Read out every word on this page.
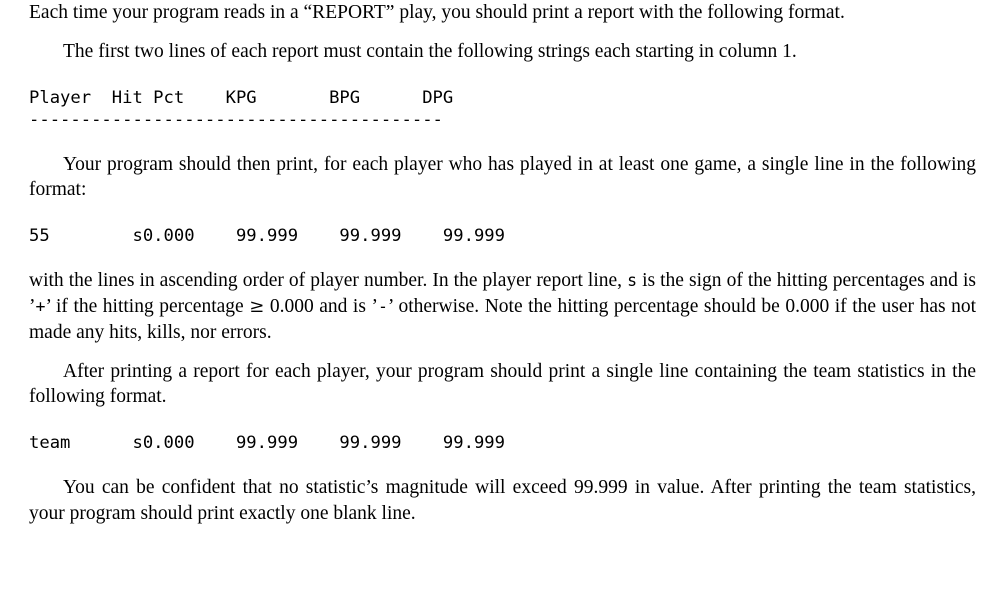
Each time your program reads in a “REPORT” play, you should print a report with the following format.

The first two lines of each report must contain the following strings each starting in column 1.

Player  Hit Pct    KPG       BPG      DPG
----------------------------------------

Your program should then print, for each player who has played in at least one game, a single line in the following format:

55        s0.000    99.999    99.999    99.999

with the lines in ascending order of player number. In the player report line, s is the sign of the hitting percentages and is ’+’ if the hitting percentage ≥ 0.000 and is ’-’ otherwise. Note the hitting percentage should be 0.000 if the user has not made any hits, kills, nor errors.

After printing a report for each player, your program should print a single line containing the team statistics in the following format.

team      s0.000    99.999    99.999    99.999

You can be confident that no statistic’s magnitude will exceed 99.999 in value. After printing the team statistics, your program should print exactly one blank line.
